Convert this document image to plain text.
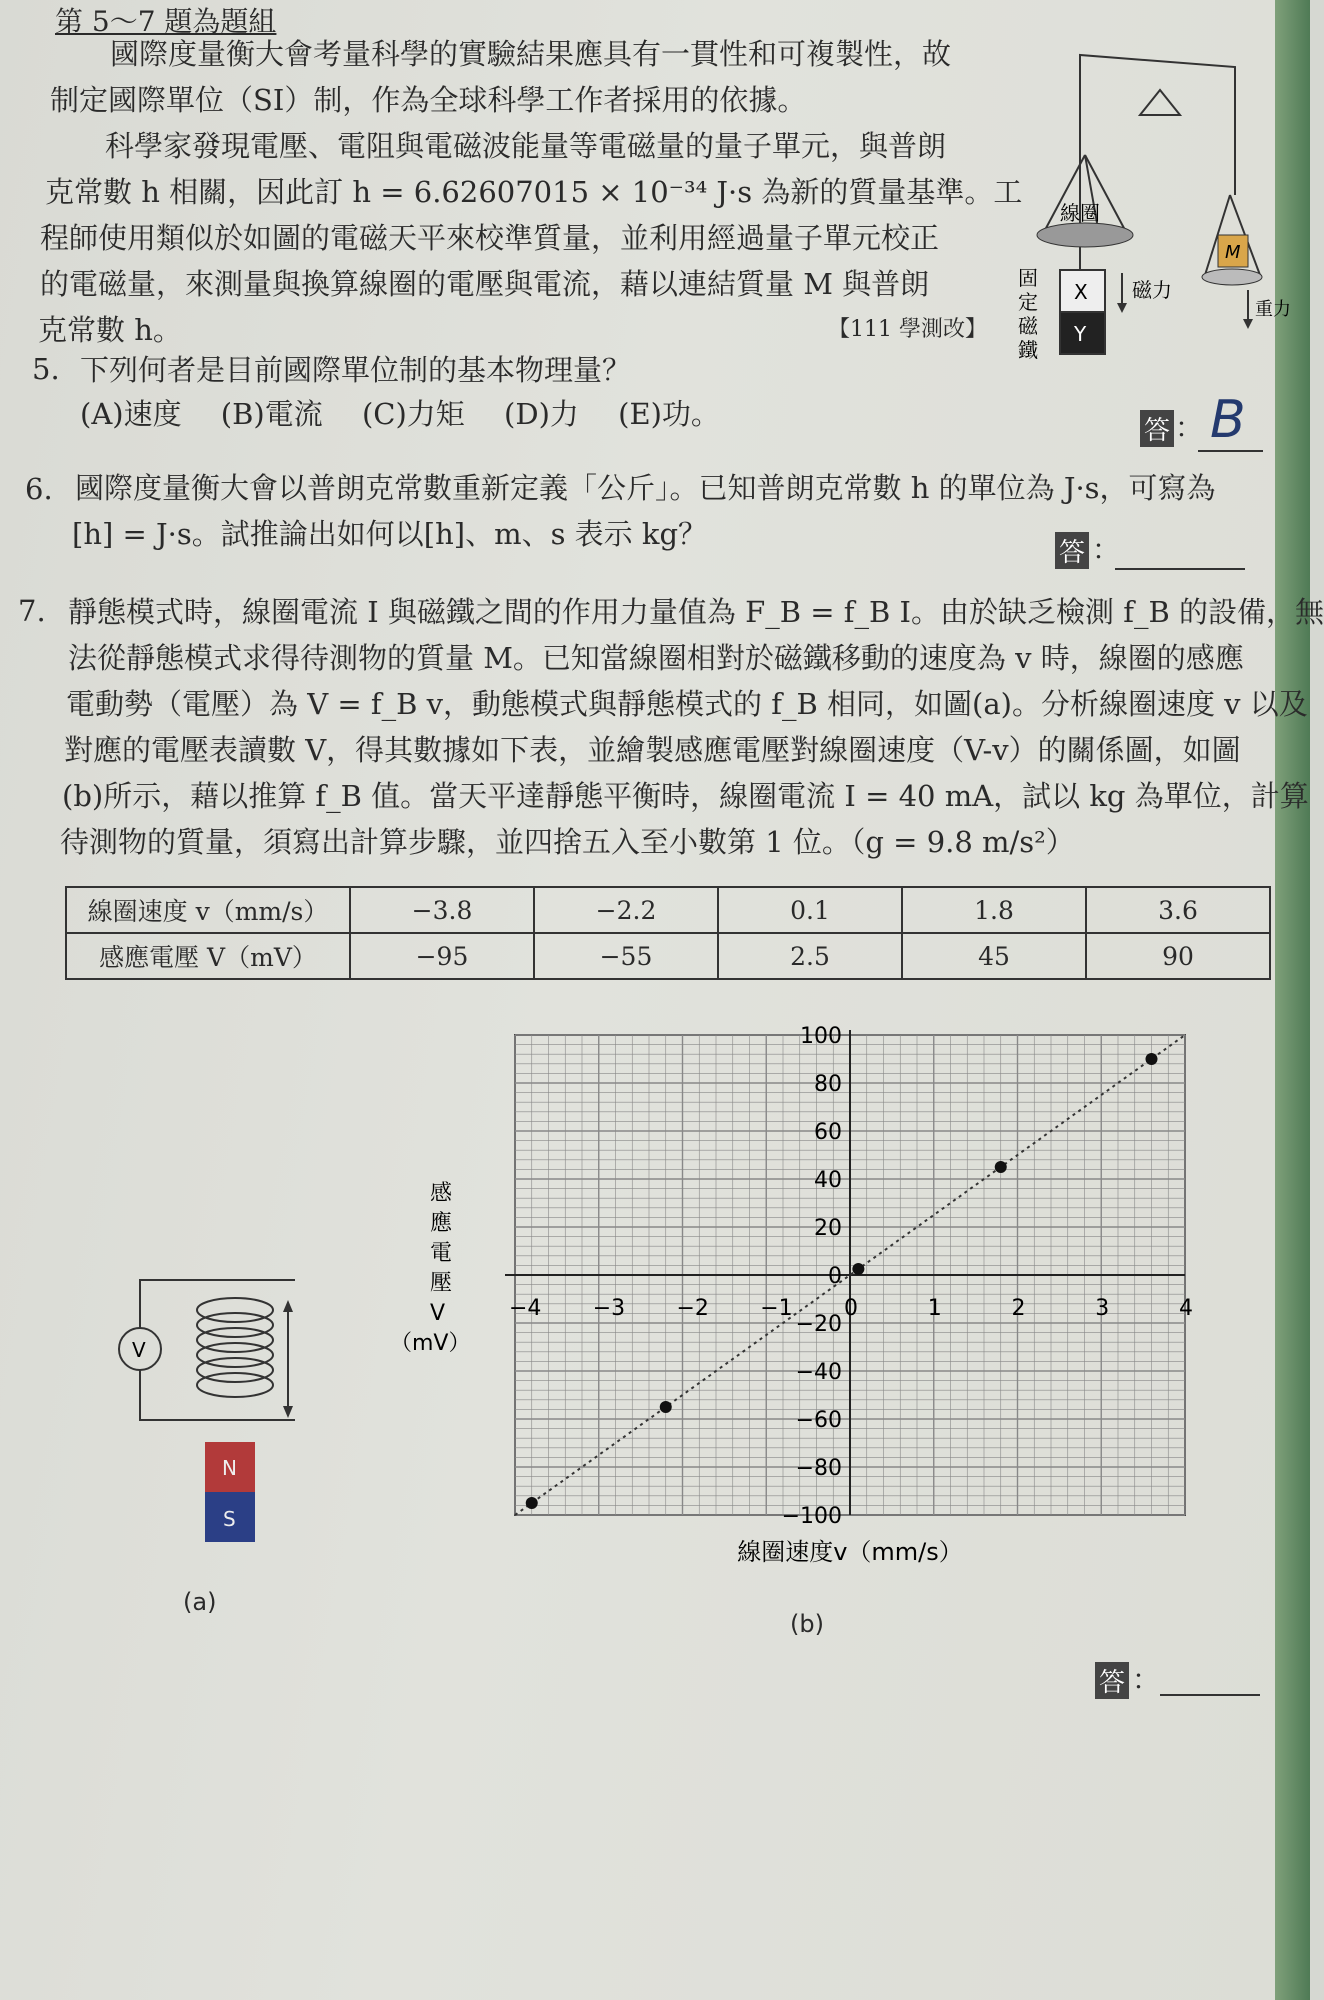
第 5～7 題為題組
國際度量衡大會考量科學的實驗結果應具有一貫性和可複製性，故
制定國際單位（SI）制，作為全球科學工作者採用的依據。
科學家發現電壓、電阻與電磁波能量等電磁量的量子單元，與普朗
克常數 h 相關，因此訂 h = 6.62607015 × 10⁻³⁴ J·s 為新的質量基準。工
程師使用類似於如圖的電磁天平來校準質量，並利用經過量子單元校正
的電磁量，來測量與換算線圈的電壓與電流，藉以連結質量 M 與普朗
克常數 h。	【111 學測改】
線圈
M
X
Y
固
定
磁
鐵
磁力
重力
5. 下列何者是目前國際單位制的基本物理量？
(A)速度 (B)電流 (C)力矩 (D)力 (E)功。	答 ： B
6. 國際度量衡大會以普朗克常數重新定義「公斤」。已知普朗克常數 h 的單位為 J·s，可寫為
[h] = J·s。試推論出如何以[h]、m、s 表示 kg？
答 ：
7. 靜態模式時，線圈電流 I 與磁鐵之間的作用力量值為 F_B = f_B I。由於缺乏檢測 f_B 的設備，無
法從靜態模式求得待測物的質量 M。已知當線圈相對於磁鐵移動的速度為 v 時，線圈的感應
電動勢（電壓）為 V = f_B v，動態模式與靜態模式的 f_B 相同，如圖(a)。分析線圈速度 v 以及
對應的電壓表讀數 V，得其數據如下表，並繪製感應電壓對線圈速度（V-v）的關係圖，如圖
(b)所示，藉以推算 f_B 值。當天平達靜態平衡時，線圈電流 I = 40 mA，試以 kg 為單位，計算
待測物的質量，須寫出計算步驟，並四捨五入至小數第 1 位。（g = 9.8 m/s²）
線圈速度 v（mm/s）	−3.8	−2.2	0.1	1.8	3.6
感應電壓 V（mV）	−95	−55	2.5	45	90
V
N
S
(a)
−4 −3 −2 −1 0	1	2	3	4
100
80
60
40
20
0
−20
−40
−60
−80
−100
感
應
電
壓
V
（mV）
線圈速度v（mm/s）
(b)
答 ：
